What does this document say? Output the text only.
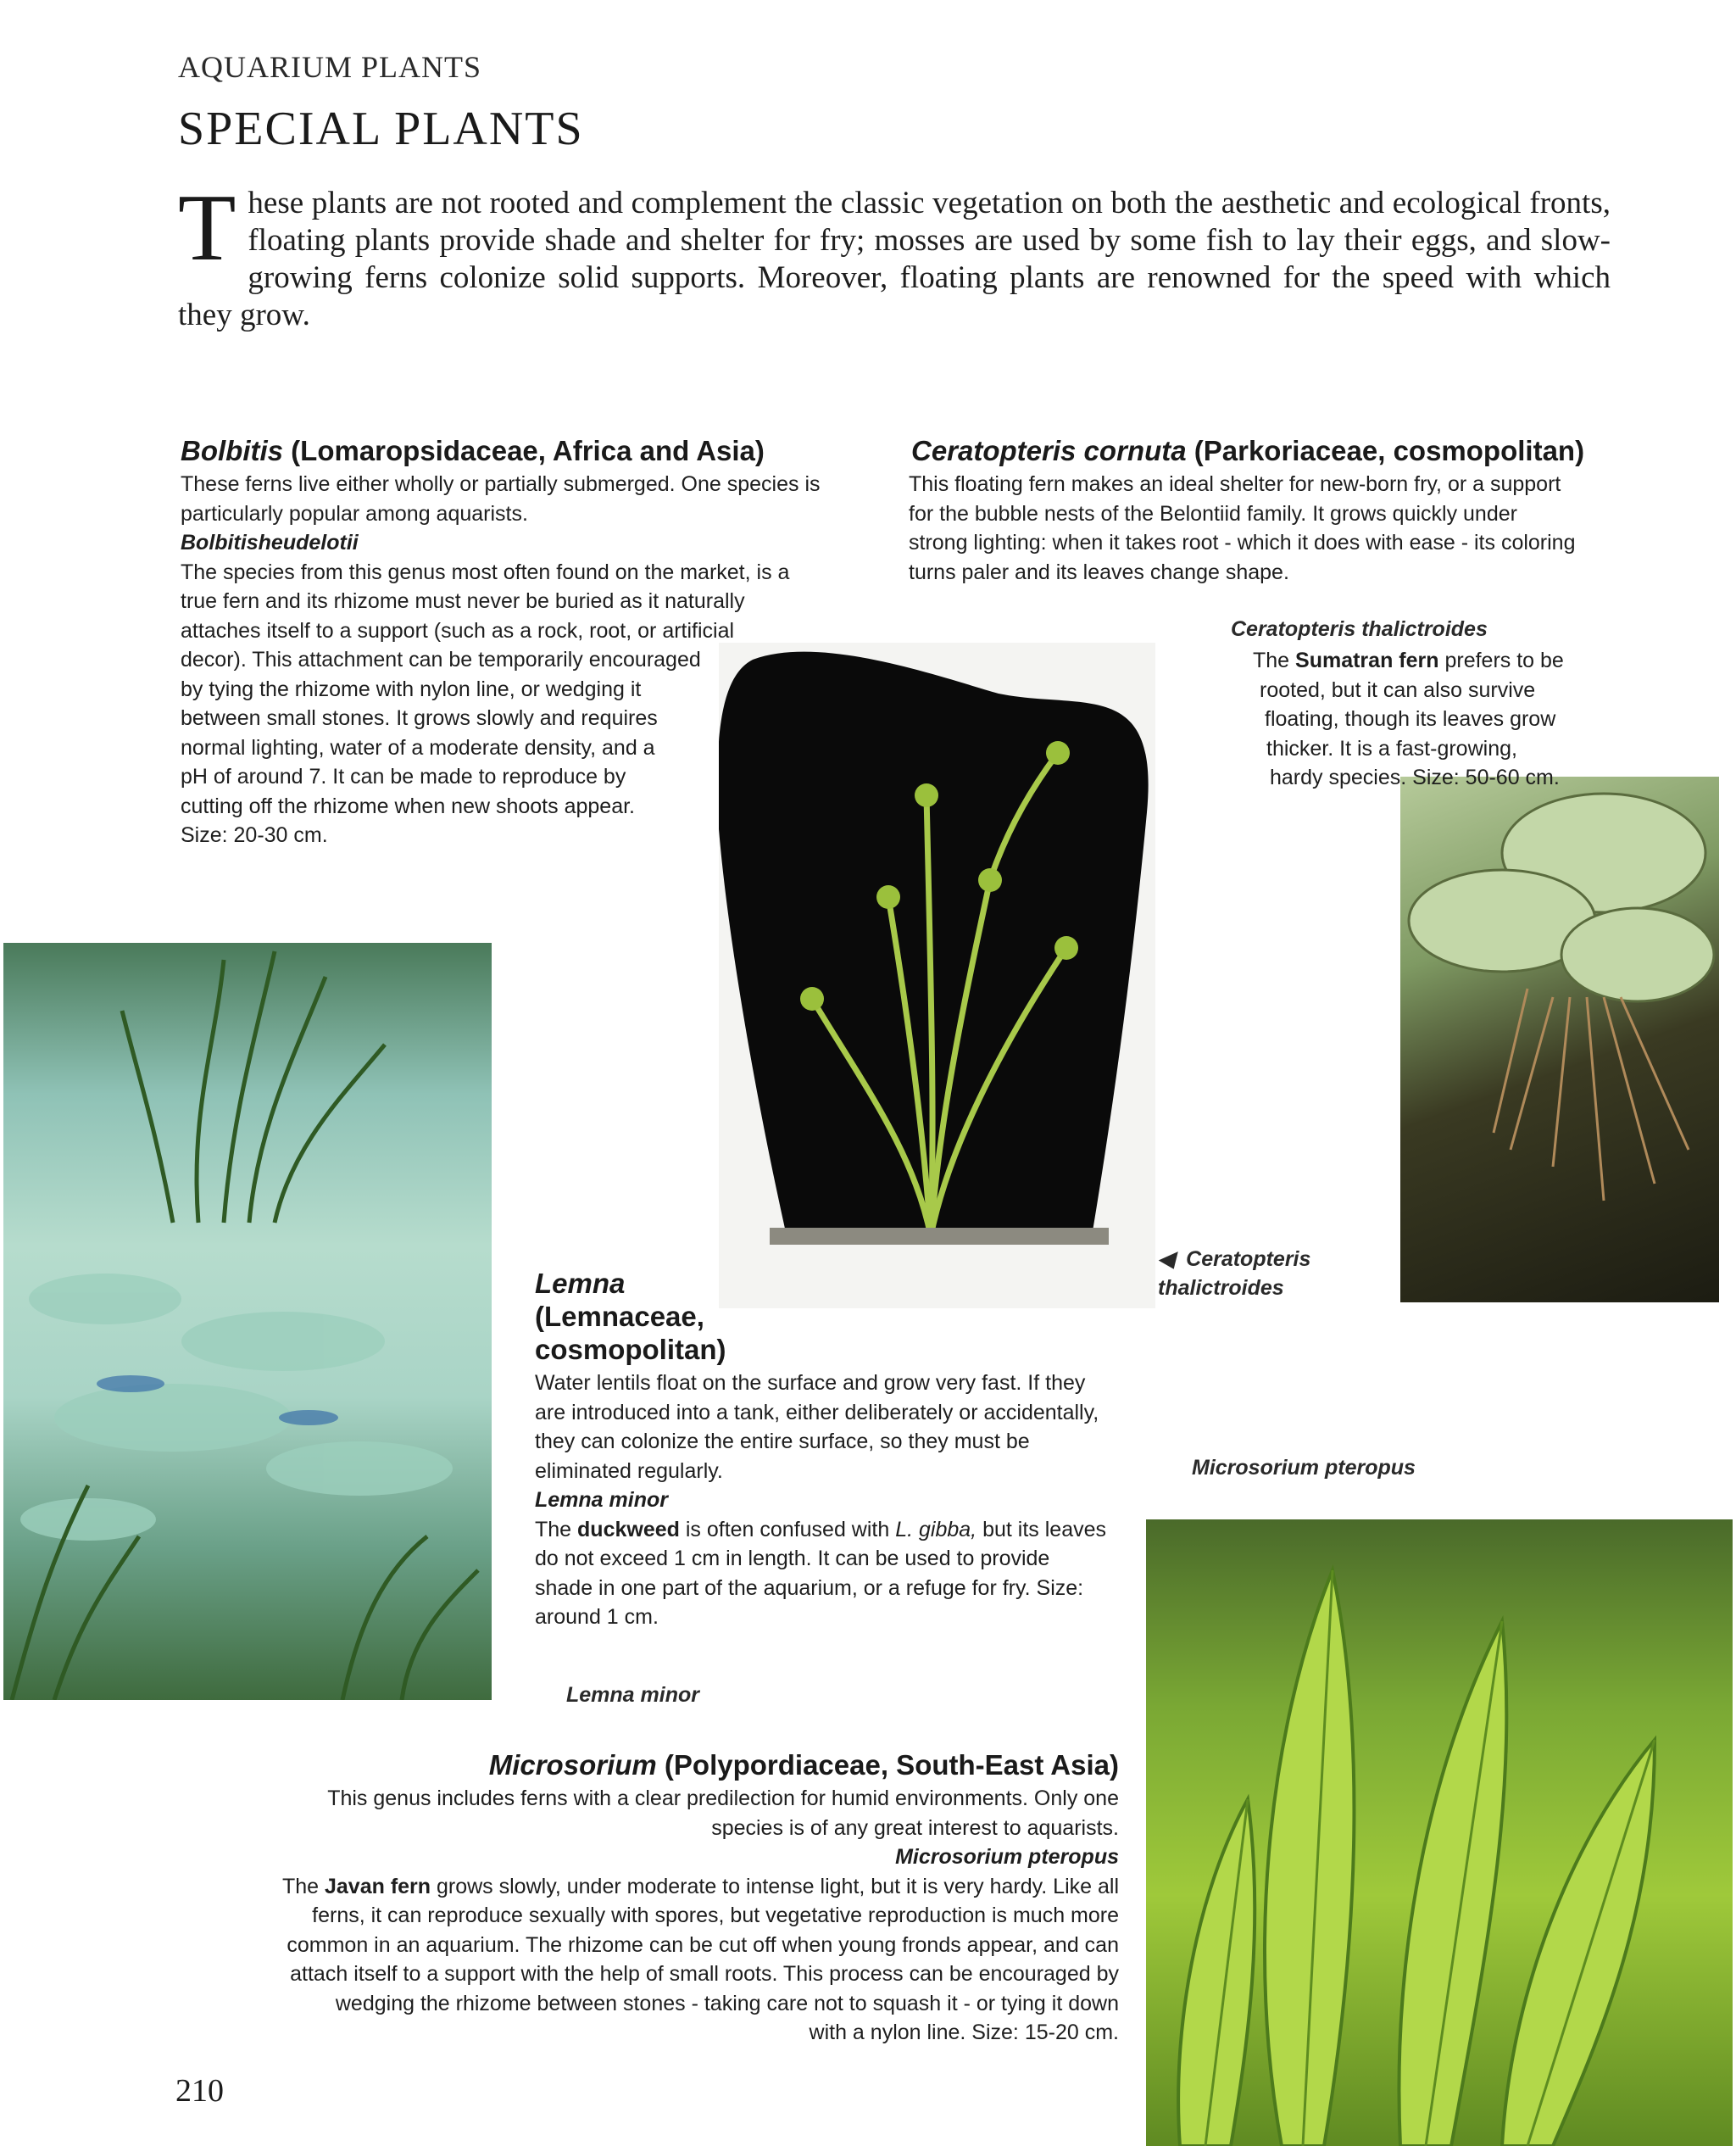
AQUARIUM PLANTS
SPECIAL PLANTS
These plants are not rooted and complement the classic vegetation on both the aesthetic and ecological fronts, floating plants provide shade and shelter for fry; mosses are used by some fish to lay their eggs, and slow-growing ferns colonize solid supports. Moreover, floating plants are renowned for the speed with which they grow.
Bolbitis (Lomaropsidaceae, Africa and Asia)

These ferns live either wholly or partially submerged. One species is particularly popular among aquarists.

Bolbitisheudelotii

The species from this genus most often found on the market, is a

true fern and its rhizome must never be buried as it naturally

attaches itself to a support (such as a rock, root, or artificial

decor). This attachment can be temporarily encouraged

by tying the rhizome with nylon line, or wedging it

between small stones. It grows slowly and requires

normal lighting, water of a moderate density, and a

pH of around 7. It can be made to reproduce by

cutting off the rhizome when new shoots appear.

Size: 20-30 cm.

Ceratopteris cornuta (Parkoriaceae, cosmopolitan)
This floating fern makes an ideal shelter for new-born fry, or a support for the bubble nests of the Belontiid family. It grows quickly under strong lighting: when it takes root - which it does with ease - its coloring turns paler and its leaves change shape.
Ceratopteris thalictroides

The Sumatran fern prefers to be

rooted, but it can also survive

floating, though its leaves grow

thicker. It is a fast-growing,

hardy species. Size: 50-60 cm.

◀ Ceratopteris
thalictroides
Lemna
(Lemnaceae,
cosmopolitan)

Water lentils float on the surface and grow very fast. If they are introduced into a tank, either deliberately or accidentally, they can colonize the entire surface, so they must be eliminated regularly.

Lemna minor

The duckweed is often confused with L. gibba, but its leaves do not exceed 1 cm in length. It can be used to provide shade in one part of the aquarium, or a refuge for fry. Size: around 1 cm.

Lemna minor
Microsorium pteropus
Microsorium (Polypordiaceae, South-East Asia)

This genus includes ferns with a clear predilection for humid environments. Only one

species is of any great interest to aquarists.

Microsorium pteropus

The Javan fern grows slowly, under moderate to intense light, but it is very hardy. Like all

ferns, it can reproduce sexually with spores, but vegetative reproduction is much more

common in an aquarium. The rhizome can be cut off when young fronds appear, and can

attach itself to a support with the help of small roots. This process can be encouraged by

wedging the rhizome between stones - taking care not to squash it - or tying it down

with a nylon line. Size: 15-20 cm.

210
